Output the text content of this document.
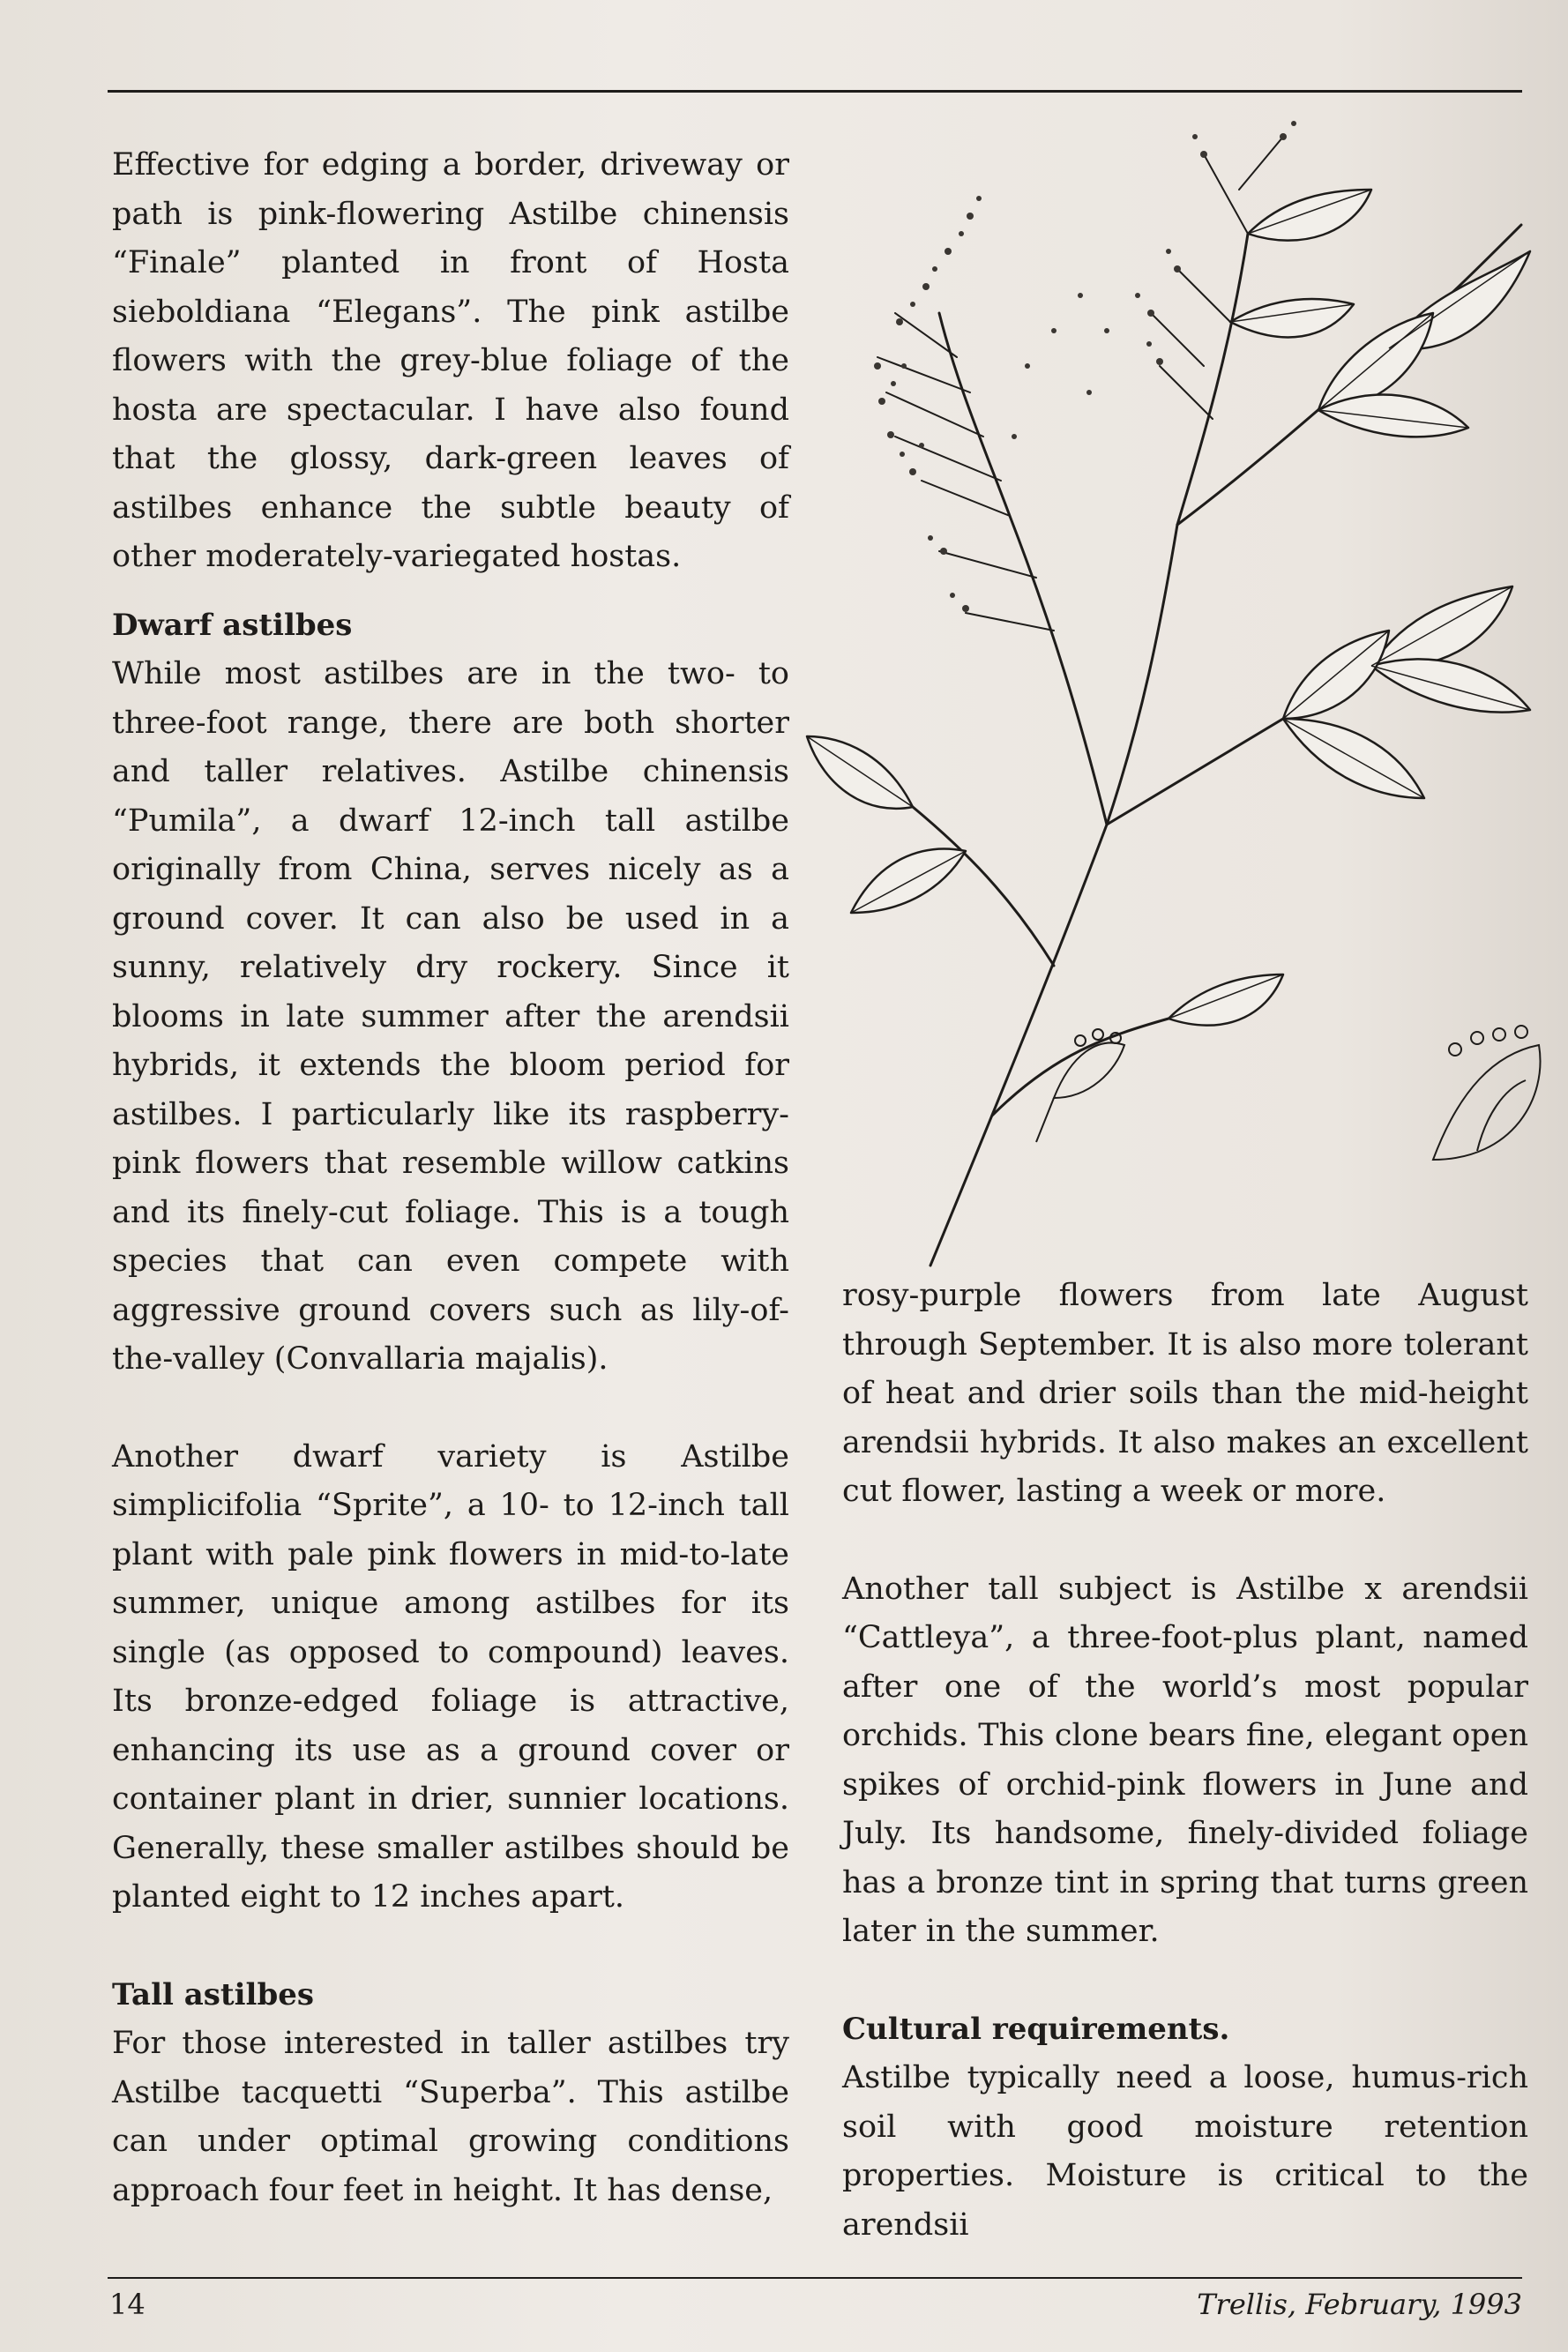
Effective for edging a border, driveway or path is pink-flowering Astilbe chinensis “Finale” planted in front of Hosta sieboldiana “Elegans”. The pink astilbe flowers with the grey-blue foliage of the hosta are spectacular. I have also found that the glossy, dark-green leaves of astilbes enhance the subtle beauty of other moderately-variegated hostas.

Dwarf astilbes

While most astilbes are in the two- to three-foot range, there are both shorter and taller relatives. Astilbe chinensis “Pumila”, a dwarf 12-inch tall astilbe originally from China, serves nicely as a ground cover. It can also be used in a sunny, relatively dry rockery. Since it blooms in late summer after the arendsii hybrids, it extends the bloom period for astilbes. I particularly like its raspberry-pink flowers that resemble willow catkins and its finely-cut foliage. This is a tough species that can even compete with aggressive ground covers such as lily-of-the-valley (Convallaria majalis).

Another dwarf variety is Astilbe simplicifolia “Sprite”, a 10- to 12-inch tall plant with pale pink flowers in mid-to-late summer, unique among astilbes for its single (as opposed to compound) leaves. Its bronze-edged foliage is attractive, enhancing its use as a ground cover or container plant in drier, sunnier locations. Generally, these smaller astilbes should be planted eight to 12 inches apart.

Tall astilbes

For those interested in taller astilbes try Astilbe tacquetti “Superba”. This astilbe can under optimal growing conditions approach four feet in height. It has dense,

rosy-purple flowers from late August through September. It is also more tolerant of heat and drier soils than the mid-height arendsii hybrids. It also makes an excellent cut flower, lasting a week or more.

Another tall subject is Astilbe x arendsii “Cattleya”, a three-foot-plus plant, named after one of the world’s most popular orchids. This clone bears fine, elegant open spikes of orchid-pink flowers in June and July. Its handsome, finely-divided foliage has a bronze tint in spring that turns green later in the summer.

Cultural requirements.

Astilbe typically need a loose, humus-rich soil with good moisture retention properties. Moisture is critical to the arendsii

14	Trellis, February, 1993
